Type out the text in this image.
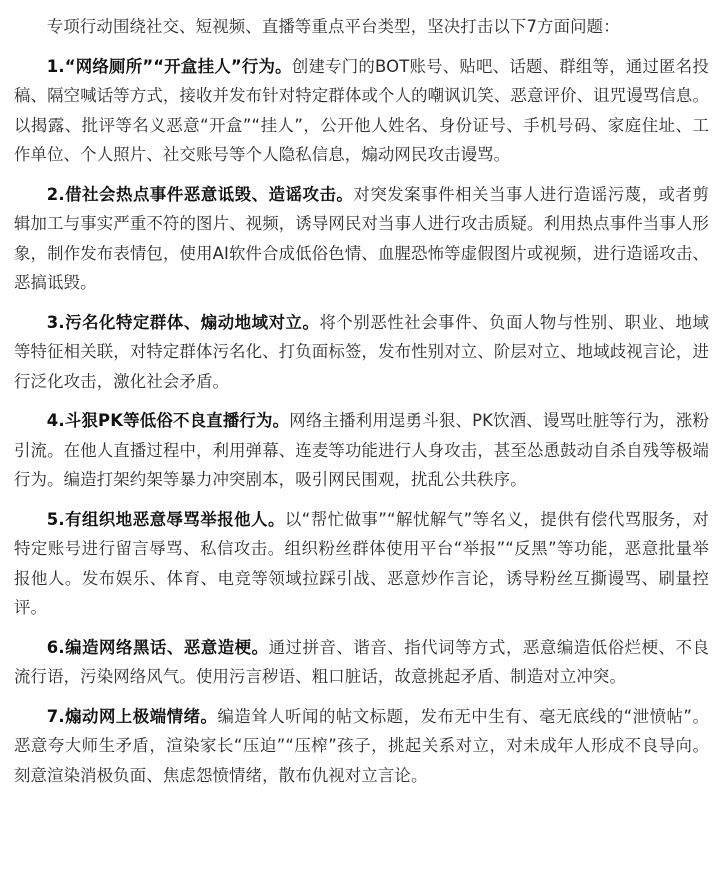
专项行动围绕社交、短视频、直播等重点平台类型，坚决打击以下7方面问题：

1.“网络厕所”“开盒挂人”行为。创建专门的BOT账号、贴吧、话题、群组等，通过匿名投稿、隔空喊话等方式，接收并发布针对特定群体或个人的嘲讽讥笑、恶意评价、诅咒谩骂信息。以揭露、批评等名义恶意“开盒”“挂人”，公开他人姓名、身份证号、手机号码、家庭住址、工作单位、个人照片、社交账号等个人隐私信息，煽动网民攻击谩骂。

2.借社会热点事件恶意诋毁、造谣攻击。对突发案事件相关当事人进行造谣污蔑，或者剪辑加工与事实严重不符的图片、视频，诱导网民对当事人进行攻击质疑。利用热点事件当事人形象，制作发布表情包，使用AI软件合成低俗色情、血腥恐怖等虚假图片或视频，进行造谣攻击、恶搞诋毁。

3.污名化特定群体、煽动地域对立。将个别恶性社会事件、负面人物与性别、职业、地域等特征相关联，对特定群体污名化、打负面标签，发布性别对立、阶层对立、地域歧视言论，进行泛化攻击，激化社会矛盾。

4.斗狠PK等低俗不良直播行为。网络主播利用逞勇斗狠、PK饮酒、谩骂吐脏等行为，涨粉引流。在他人直播过程中，利用弹幕、连麦等功能进行人身攻击，甚至怂恿鼓动自杀自残等极端行为。编造打架约架等暴力冲突剧本，吸引网民围观，扰乱公共秩序。

5.有组织地恶意辱骂举报他人。以“帮忙做事”“解忧解气”等名义，提供有偿代骂服务，对特定账号进行留言辱骂、私信攻击。组织粉丝群体使用平台“举报”“反黑”等功能，恶意批量举报他人。发布娱乐、体育、电竞等领域拉踩引战、恶意炒作言论，诱导粉丝互撕谩骂、刷量控评。

6.编造网络黑话、恶意造梗。通过拼音、谐音、指代词等方式，恶意编造低俗烂梗、不良流行语，污染网络风气。使用污言秽语、粗口脏话，故意挑起矛盾、制造对立冲突。

7.煽动网上极端情绪。编造耸人听闻的帖文标题，发布无中生有、毫无底线的“泄愤帖”。恶意夸大师生矛盾，渲染家长“压迫”“压榨”孩子，挑起关系对立，对未成年人形成不良导向。刻意渲染消极负面、焦虑怨愤情绪，散布仇视对立言论。
